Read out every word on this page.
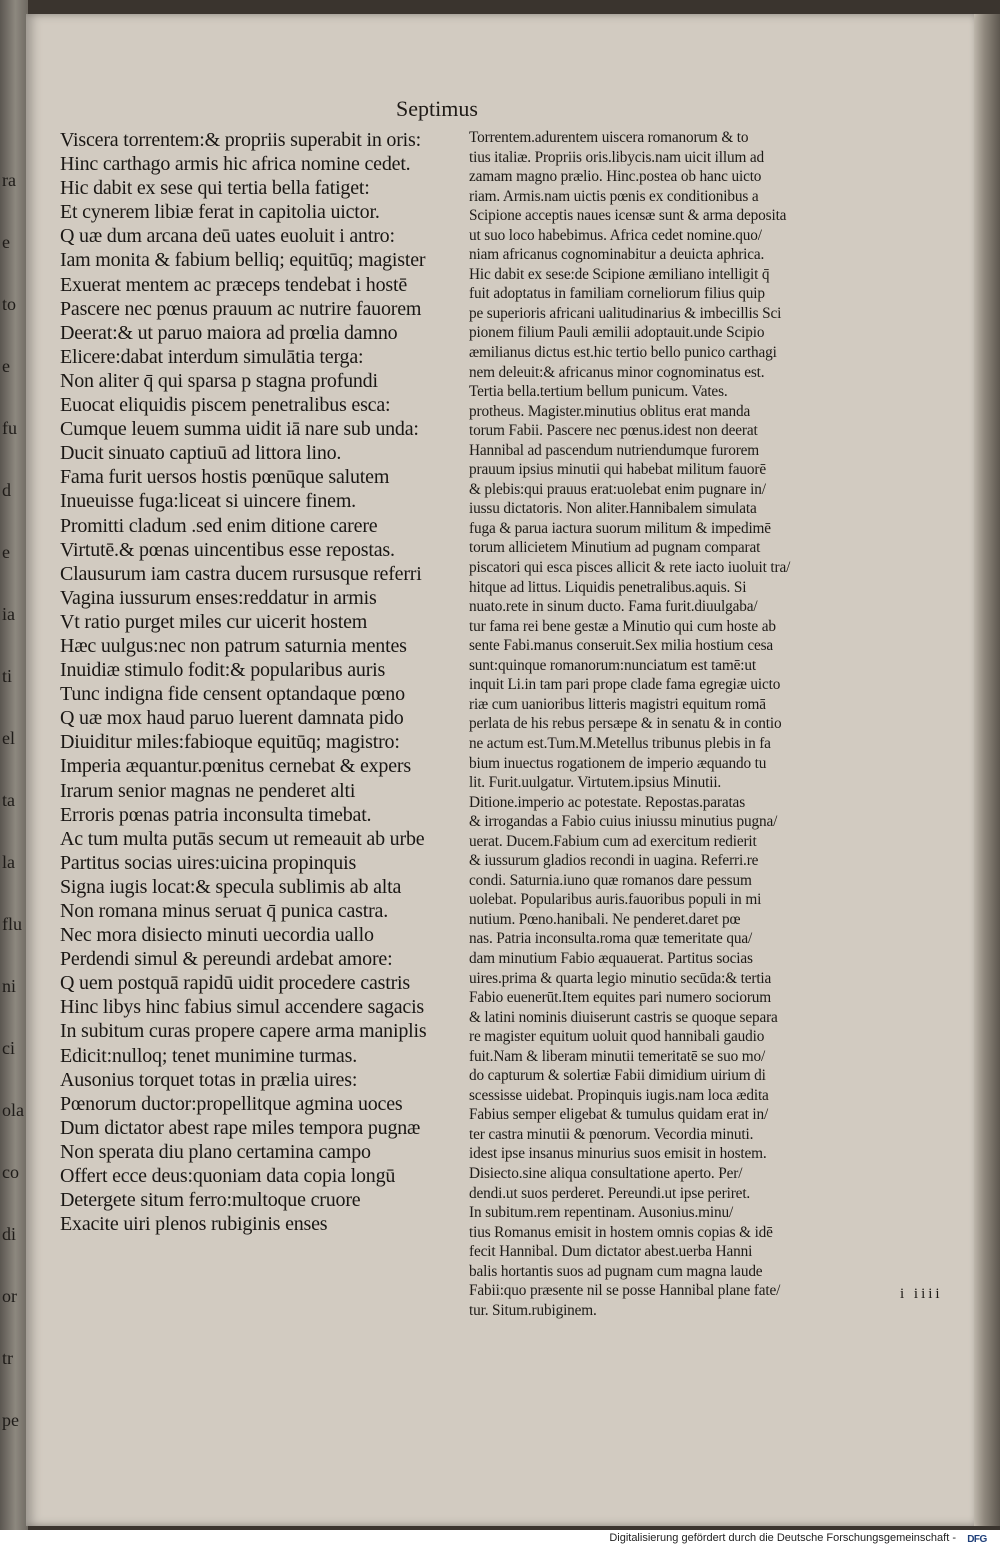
ra
e
to
e
fu
d
e
ia
ti
el
ta
la
flu
ni
ci
ola
co
di
or
tr
pe
Septimus
Viscera torrentem:& propriis superabit in oris:
Hinc carthago armis hic africa nomine cedet.
Hic dabit ex sese qui tertia bella fatiget:
Et cynerem libiæ ferat in capitolia uictor.
Q uæ dum arcana deū uates euoluit i antro:
Iam monita & fabium belliq; equitūq; magister
Exuerat mentem ac præceps tendebat i hostē
Pascere nec pœnus prauum ac nutrire fauorem
Deerat:& ut paruo maiora ad prœlia damno
Elicere:dabat interdum simulātia terga:
Non aliter q̄ qui sparsa p stagna profundi
Euocat eliquidis piscem penetralibus esca:
Cumque leuem summa uidit iā nare sub unda:
Ducit sinuato captiuū ad littora lino.
Fama furit uersos hostis pœnūque salutem
Inueuisse fuga:liceat si uincere finem.
Promitti cladum .sed enim ditione carere
Virtutē.& pœnas uincentibus esse repostas.
Clausurum iam castra ducem rursusque referri
Vagina iussurum enses:reddatur in armis
Vt ratio purget miles cur uicerit hostem
Hæc uulgus:nec non patrum saturnia mentes
Inuidiæ stimulo fodit:& popularibus auris
Tunc indigna fide censent optandaque pœno
Q uæ mox haud paruo luerent damnata pido
Diuiditur miles:fabioque equitūq; magistro:
Imperia æquantur.pœnitus cernebat & expers
Irarum senior magnas ne penderet alti
Erroris pœnas patria inconsulta timebat.
Ac tum multa putās secum ut remeauit ab urbe
Partitus socias uires:uicina propinquis
Signa iugis locat:& specula sublimis ab alta
Non romana minus seruat q̄ punica castra.
Nec mora disiecto minuti uecordia uallo
Perdendi simul & pereundi ardebat amore:
Q uem postquā rapidū uidit procedere castris
Hinc libys hinc fabius simul accendere sagacis
In subitum curas propere capere arma maniplis
Edicit:nulloq; tenet munimine turmas.
Ausonius torquet totas in prælia uires:
Pœnorum ductor:propellitque agmina uoces
Dum dictator abest rape miles tempora pugnæ
Non sperata diu plano certamina campo
Offert ecce deus:quoniam data copia longū
Detergete situm ferro:multoque cruore
Exacite uiri plenos rubiginis enses
Torrentem.adurentem uiscera romanorum & to
tius italiæ. Propriis oris.libycis.nam uicit illum ad
zamam magno prælio. Hinc.postea ob hanc uicto
riam. Armis.nam uictis pœnis ex conditionibus a
Scipione acceptis naues icensæ sunt & arma deposita
ut suo loco habebimus. Africa cedet nomine.quo/
niam africanus cognominabitur a deuicta aphrica.
Hic dabit ex sese:de Scipione æmiliano intelligit q̄
fuit adoptatus in familiam corneliorum filius quip
pe superioris africani ualitudinarius & imbecillis Sci
pionem filium Pauli æmilii adoptauit.unde Scipio
æmilianus dictus est.hic tertio bello punico carthagi
nem deleuit:& africanus minor cognominatus est.
Tertia bella.tertium bellum punicum. Vates.
protheus. Magister.minutius oblitus erat manda
torum Fabii. Pascere nec pœnus.idest non deerat
Hannibal ad pascendum nutriendumque furorem
prauum ipsius minutii qui habebat militum fauorē
& plebis:qui prauus erat:uolebat enim pugnare in/
iussu dictatoris. Non aliter.Hannibalem simulata
fuga & parua iactura suorum militum & impedimē
torum allicietem Minutium ad pugnam comparat
piscatori qui esca pisces allicit & rete iacto iuoluit tra/
hitque ad littus. Liquidis penetralibus.aquis. Si
nuato.rete in sinum ducto. Fama furit.diuulgaba/
tur fama rei bene gestæ a Minutio qui cum hoste ab
sente Fabi.manus conseruit.Sex milia hostium cesa
sunt:quinque romanorum:nunciatum est tamē:ut
inquit Li.in tam pari prope clade fama egregiæ uicto
riæ cum uanioribus litteris magistri equitum romā
perlata de his rebus persæpe & in senatu & in contio
ne actum est.Tum.M.Metellus tribunus plebis in fa
bium inuectus rogationem de imperio æquando tu
lit. Furit.uulgatur. Virtutem.ipsius Minutii.
Ditione.imperio ac potestate. Repostas.paratas
& irrogandas a Fabio cuius iniussu minutius pugna/
uerat. Ducem.Fabium cum ad exercitum redierit
& iussurum gladios recondi in uagina. Referri.re
condi. Saturnia.iuno quæ romanos dare pessum
uolebat. Popularibus auris.fauoribus populi in mi
nutium. Pœno.hanibali. Ne penderet.daret pœ
nas. Patria inconsulta.roma quæ temeritate qua/
dam minutium Fabio æquauerat. Partitus socias
uires.prima & quarta legio minutio secūda:& tertia
Fabio euenerūt.Item equites pari numero sociorum
& latini nominis diuiserunt castris se quoque separa
re magister equitum uoluit quod hannibali gaudio
fuit.Nam & liberam minutii temeritatē se suo mo/
do capturum & solertiæ Fabii dimidium uirium di
scessisse uidebat. Propinquis iugis.nam loca ædita
Fabius semper eligebat & tumulus quidam erat in/
ter castra minutii & pœnorum. Vecordia minuti.
idest ipse insanus minurius suos emisit in hostem.
Disiecto.sine aliqua consultatione aperto. Per/
dendi.ut suos perderet. Pereundi.ut ipse periret.
In subitum.rem repentinam. Ausonius.minu/
tius Romanus emisit in hostem omnis copias & idē
fecit Hannibal. Dum dictator abest.uerba Hanni
balis hortantis suos ad pugnam cum magna laude
Fabii:quo præsente nil se posse Hannibal plane fate/
tur. Situm.rubiginem.
i iiii
Digitalisierung gefördert durch die Deutsche Forschungsgemeinschaft -	DFG
